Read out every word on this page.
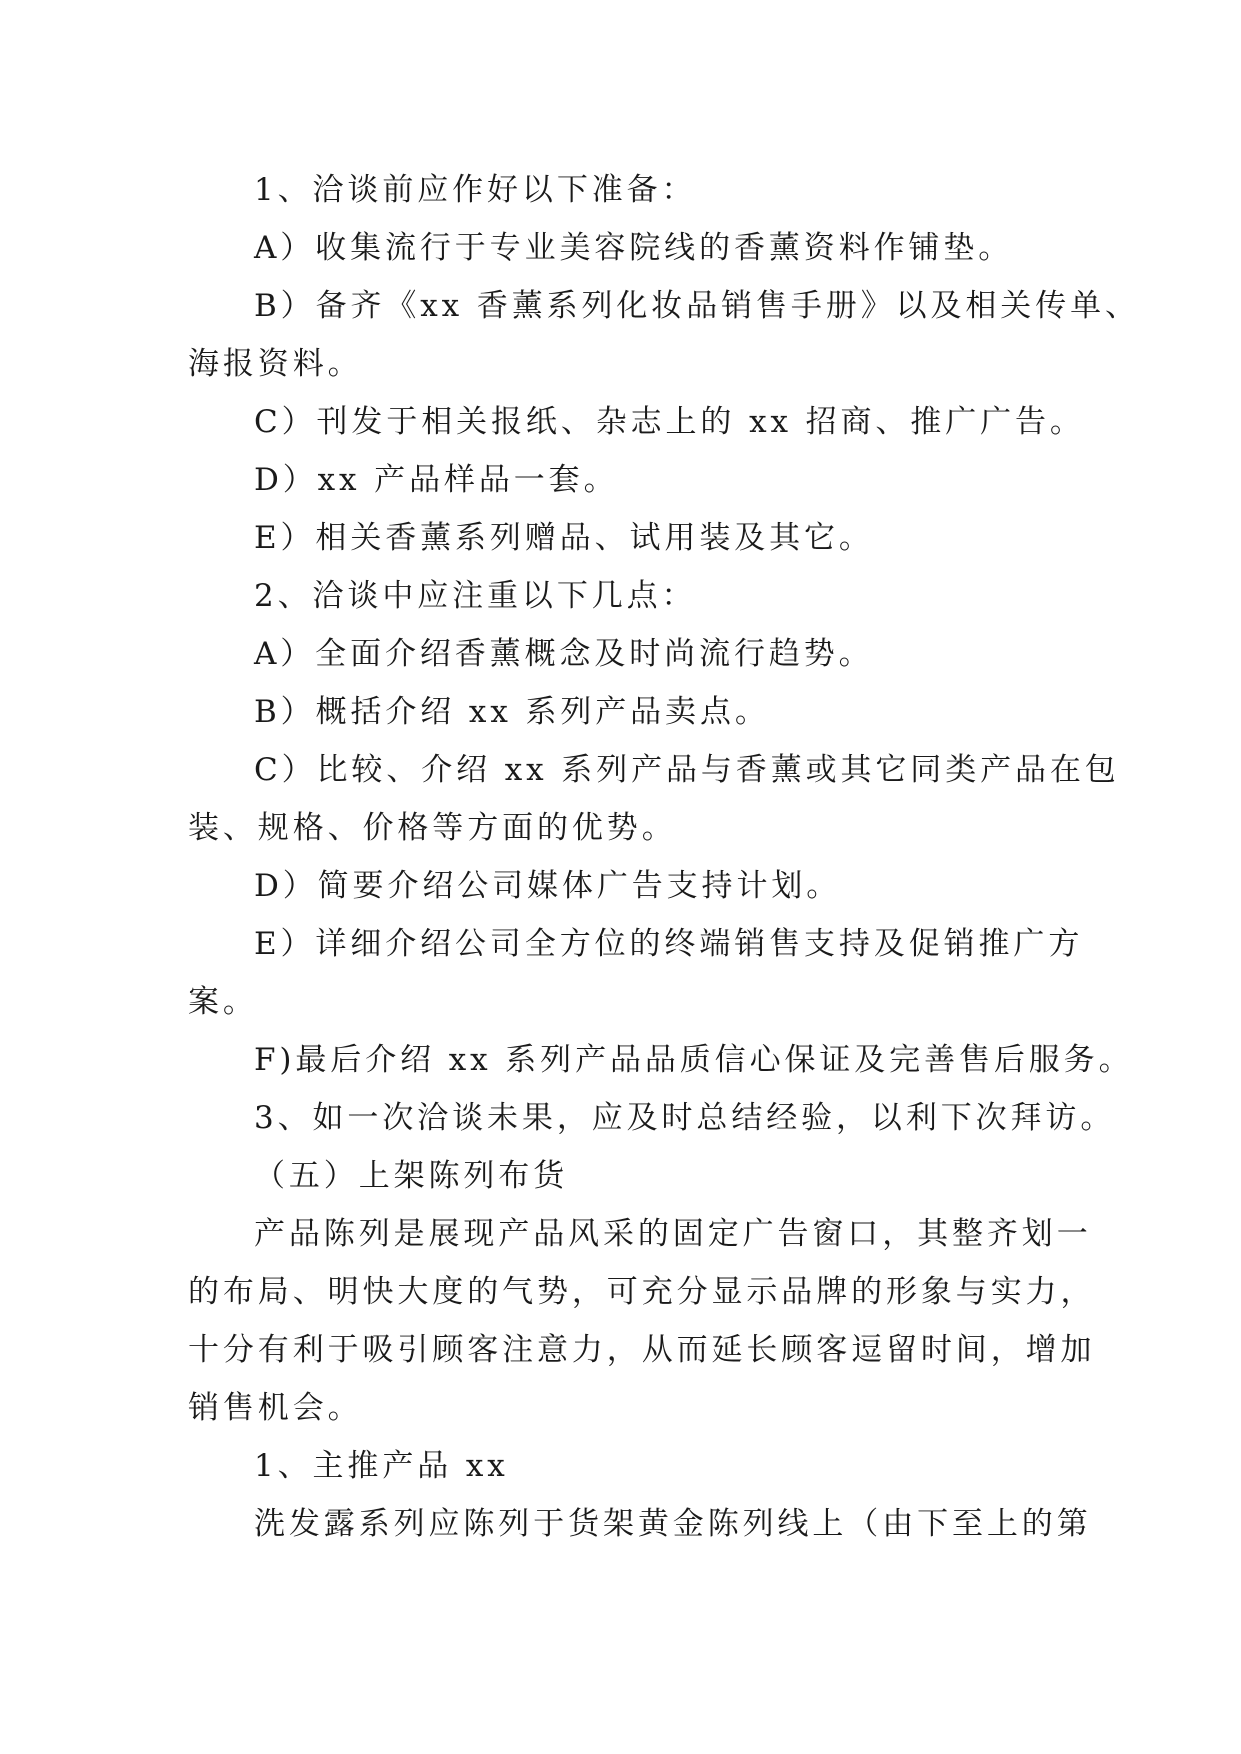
1、洽谈前应作好以下准备：

A）收集流行于专业美容院线的香薰资料作铺垫。

B）备齐《xx 香薰系列化妆品销售手册》以及相关传单、

海报资料。

C）刊发于相关报纸、杂志上的 xx 招商、推广广告。

D）xx 产品样品一套。

E）相关香薰系列赠品、试用装及其它。

2、洽谈中应注重以下几点：

A）全面介绍香薰概念及时尚流行趋势。

B）概括介绍 xx 系列产品卖点。

C）比较、介绍 xx 系列产品与香薰或其它同类产品在包

装、规格、价格等方面的优势。

D）简要介绍公司媒体广告支持计划。

E）详细介绍公司全方位的终端销售支持及促销推广方

案。

F)最后介绍 xx 系列产品品质信心保证及完善售后服务。

3、如一次洽谈未果，应及时总结经验，以利下次拜访。

（五）上架陈列布货

产品陈列是展现产品风采的固定广告窗口，其整齐划一

的布局、明快大度的气势，可充分显示品牌的形象与实力，

十分有利于吸引顾客注意力，从而延长顾客逗留时间，增加

销售机会。

1、主推产品 xx

洗发露系列应陈列于货架黄金陈列线上（由下至上的第
